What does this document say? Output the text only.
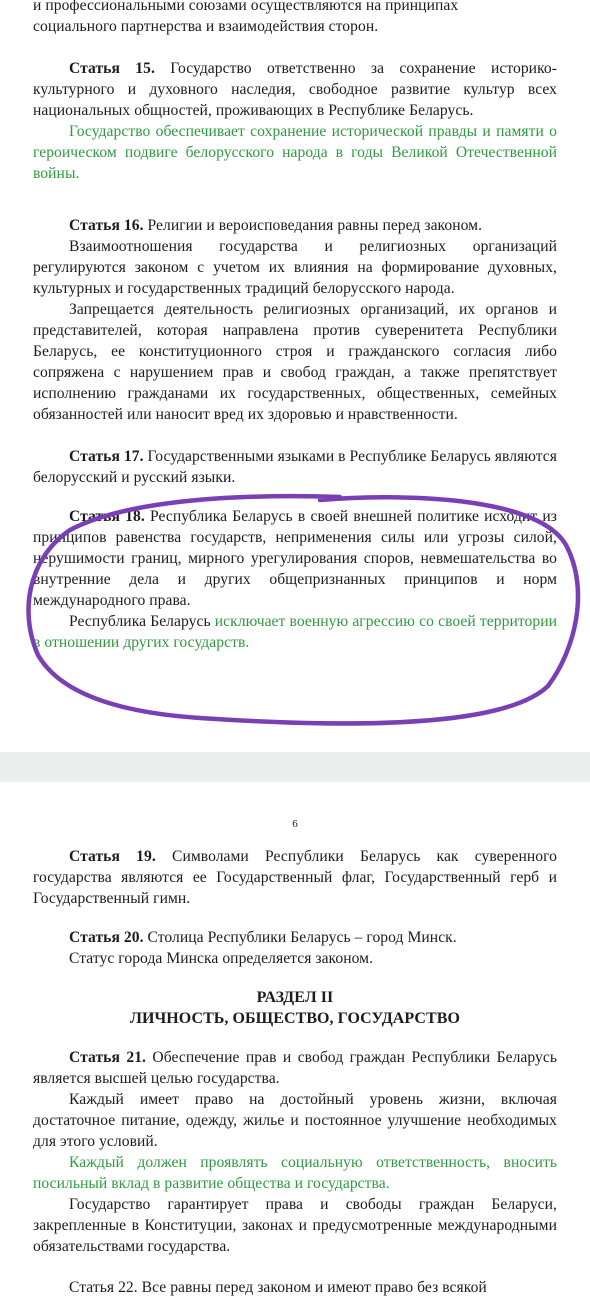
и профессиональными союзами осуществляются на принципах

социального партнерства и взаимодействия сторон.

Статья 15. Государство ответственно за сохранение историко-культурного и духовного наследия, свободное развитие культур всех национальных общностей, проживающих в Республике Беларусь.

Государство обеспечивает сохранение исторической правды и памяти о героическом подвиге белорусского народа в годы Великой Отечественной войны.

Статья 16. Религии и вероисповедания равны перед законом.

Взаимоотношения государства и религиозных организаций регулируются законом с учетом их влияния на формирование духовных, культурных и государственных традиций белорусского народа.

Запрещается деятельность религиозных организаций, их органов и представителей, которая направлена против суверенитета Республики Беларусь, ее конституционного строя и гражданского согласия либо сопряжена с нарушением прав и свобод граждан, а также препятствует исполнению гражданами их государственных, общественных, семейных обязанностей или наносит вред их здоровью и нравственности.

Статья 17. Государственными языками в Республике Беларусь являются белорусский и русский языки.

Статья 18. Республика Беларусь в своей внешней политике исходит из принципов равенства государств, неприменения силы или угрозы силой, нерушимости границ, мирного урегулирования споров, невмешательства во внутренние дела и других общепризнанных принципов и норм международного права.

Республика Беларусь исключает военную агрессию со своей территории в отношении других государств.

6

Статья 19. Символами Республики Беларусь как суверенного государства являются ее Государственный флаг, Государственный герб и Государственный гимн.

Статья 20. Столица Республики Беларусь – город Минск.

Статус города Минска определяется законом.

РАЗДЕЛ II
ЛИЧНОСТЬ, ОБЩЕСТВО, ГОСУДАРСТВО

Статья 21. Обеспечение прав и свобод граждан Республики Беларусь является высшей целью государства.

Каждый имеет право на достойный уровень жизни, включая достаточное питание, одежду, жилье и постоянное улучшение необходимых для этого условий.

Каждый должен проявлять социальную ответственность, вносить посильный вклад в развитие общества и государства.

Государство гарантирует права и свободы граждан Беларуси, закрепленные в Конституции, законах и предусмотренные международными обязательствами государства.

Статья 22. Все равны перед законом и имеют право без всякой
